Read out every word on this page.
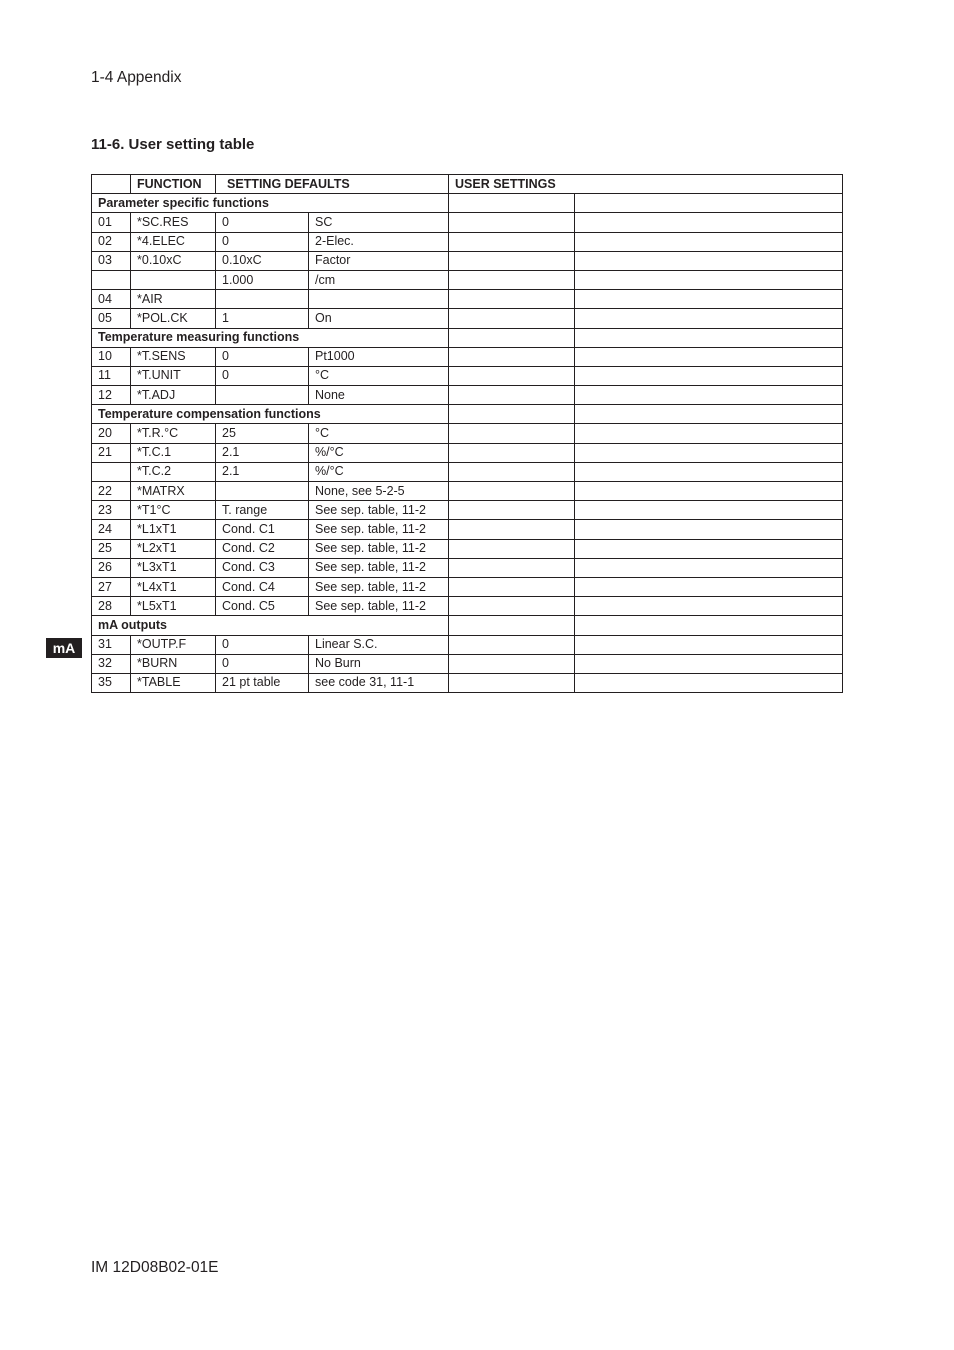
1-4 Appendix
11-6. User setting table
mA
	FUNCTION	SETTING DEFAULTS		USER SETTINGS	
Parameter specific functions					
01	*SC.RES	0	SC		
02	*4.ELEC	0	2-Elec.		
03	*0.10xC	0.10xC	Factor		
		1.000	/cm		
04	*AIR				
05	*POL.CK	1	On		
Temperature measuring functions					
10	*T.SENS	0	Pt1000		
11	*T.UNIT	0	°C		
12	*T.ADJ		None		
Temperature compensation functions					
20	*T.R.°C	25	°C		
21	*T.C.1	2.1	%/°C		
	*T.C.2	2.1	%/°C		
22	*MATRX		None, see 5-2-5		
23	*T1°C	T. range	See sep. table, 11-2		
24	*L1xT1	Cond. C1	See sep. table, 11-2		
25	*L2xT1	Cond. C2	See sep. table, 11-2		
26	*L3xT1	Cond. C3	See sep. table, 11-2		
27	*L4xT1	Cond. C4	See sep. table, 11-2		
28	*L5xT1	Cond. C5	See sep. table, 11-2		
mA outputs					
31	*OUTP.F	0	Linear S.C.		
32	*BURN	0	No Burn		
35	*TABLE	21 pt table	see code 31, 11-1		
IM 12D08B02-01E
